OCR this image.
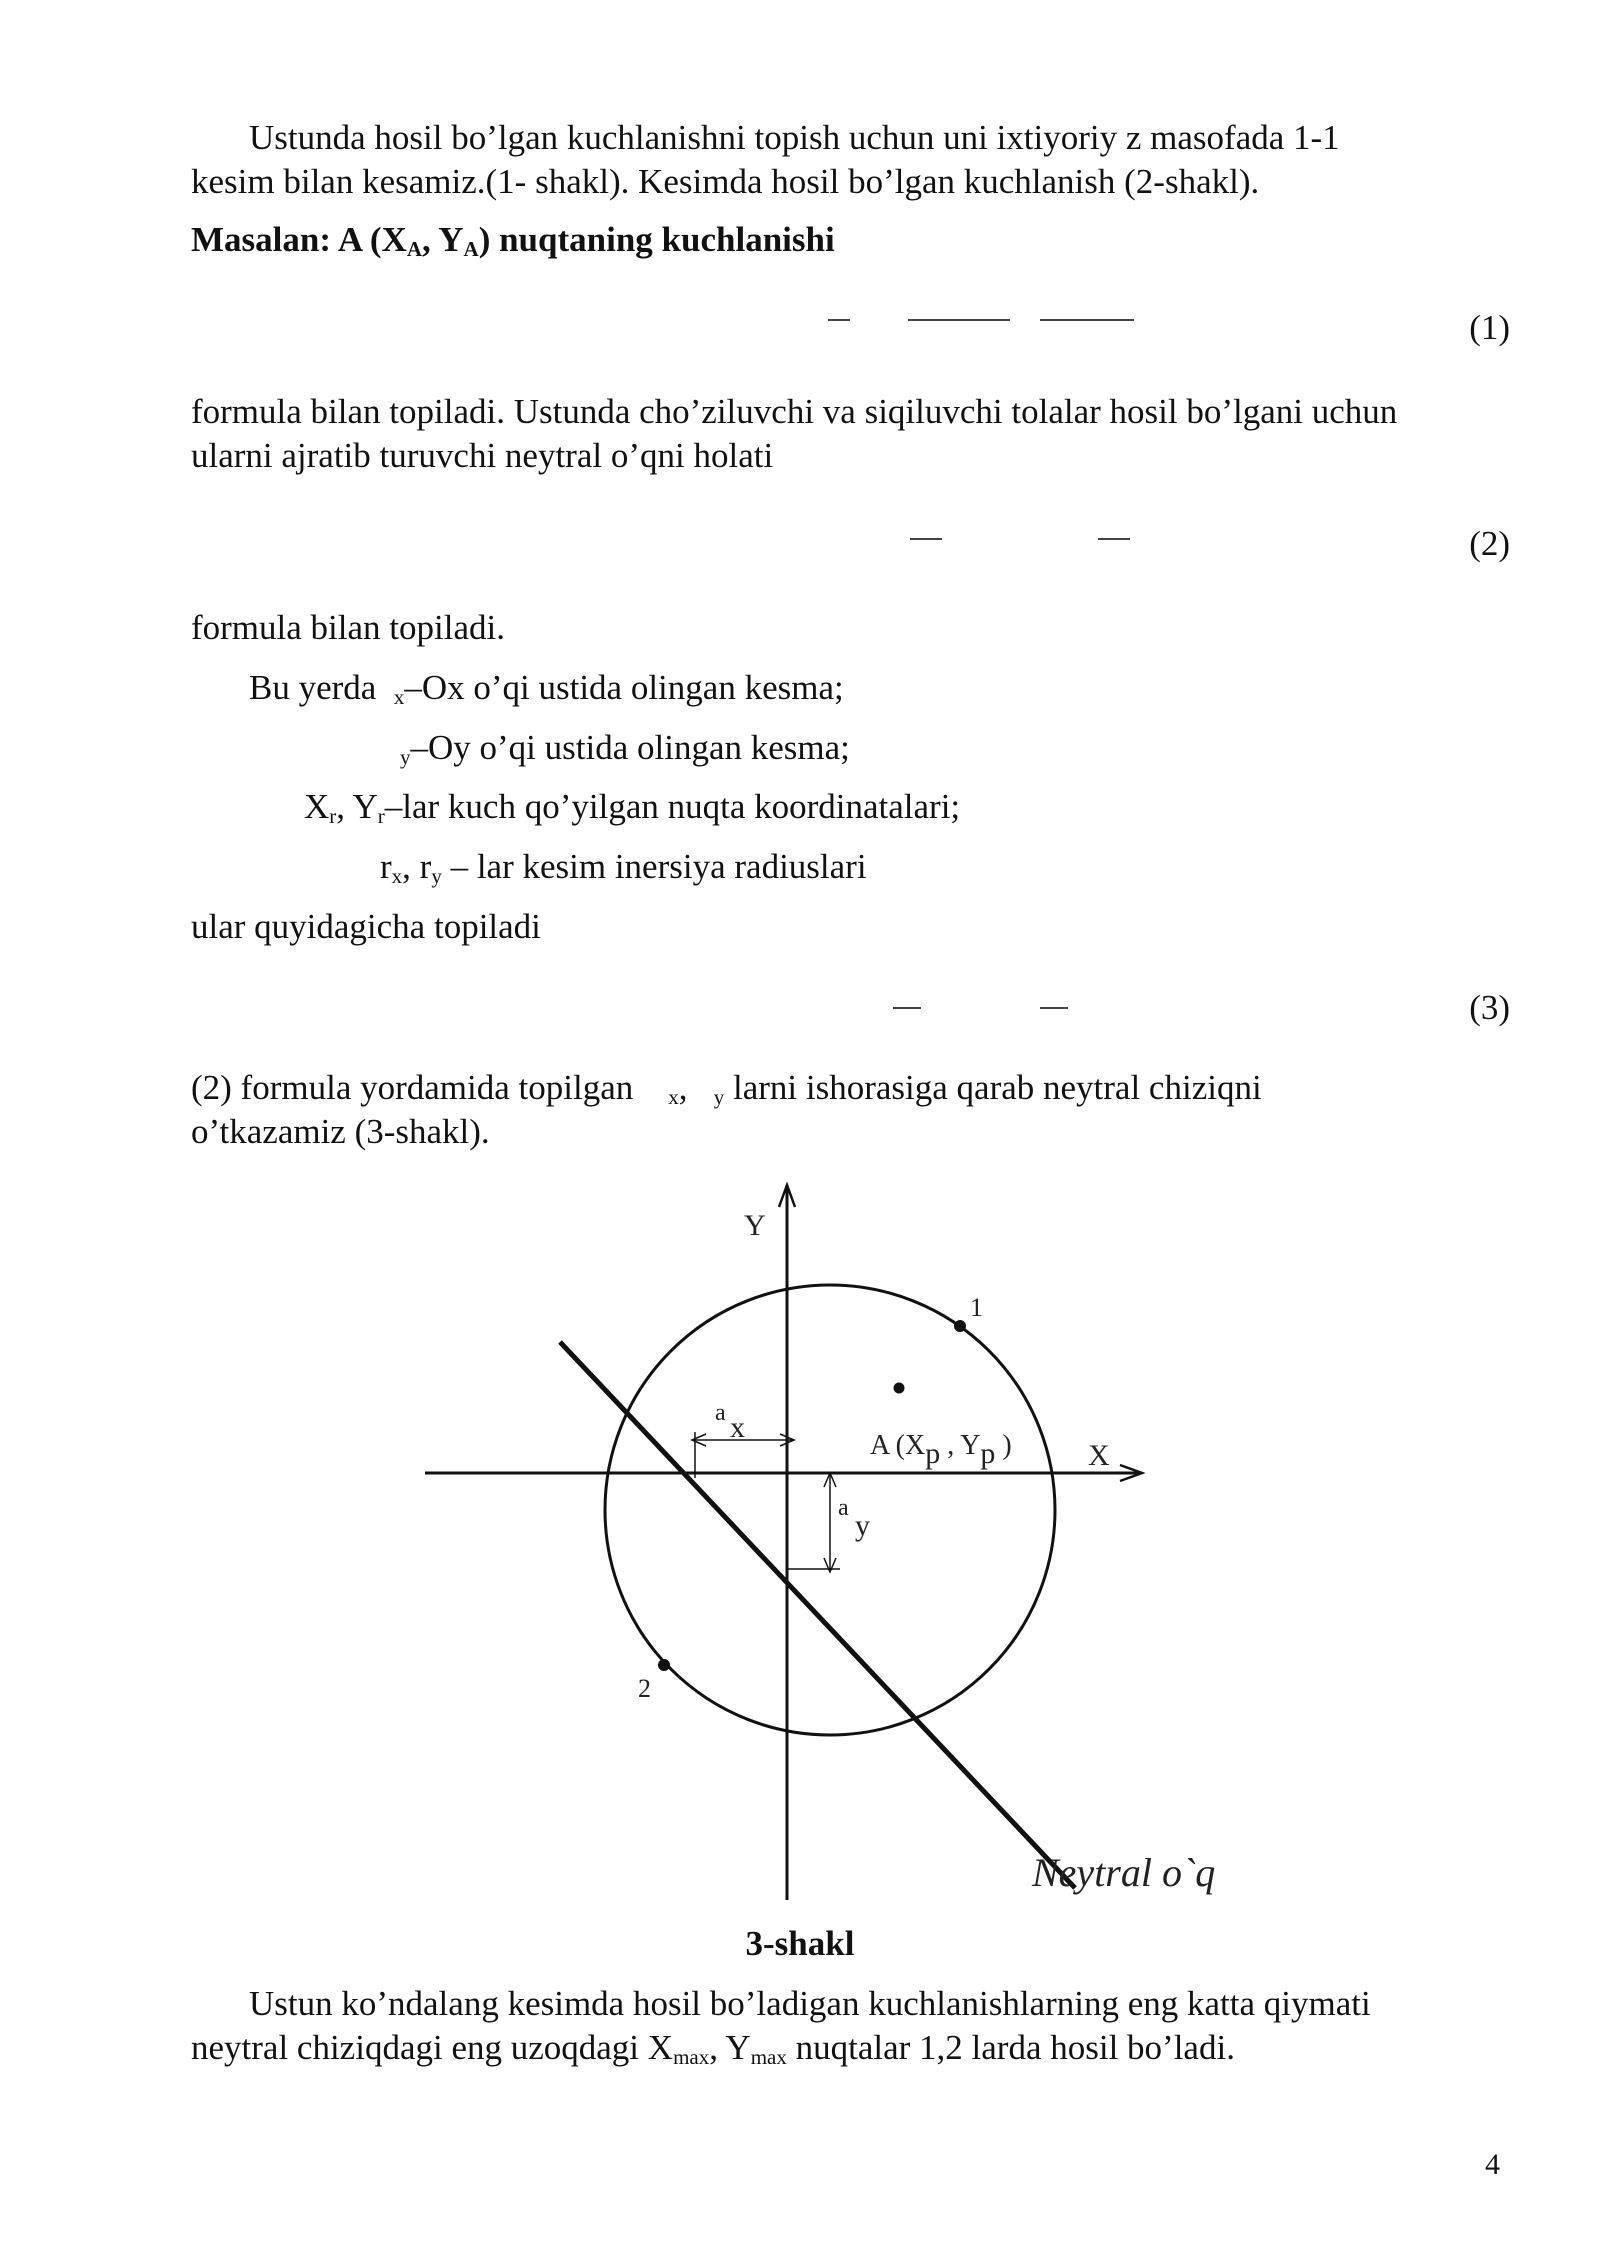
Ustunda hosil bo’lgan kuchlanishni topish uchun uni ixtiyoriy z masofada 1-1
kesim bilan kesamiz.(1- shakl). Kesimda hosil bo’lgan kuchlanish (2-shakl).
Masalan: A ($X_A$, $Y_A$) nuqtaning kuchlanishi
(1)
formula bilan topiladi. Ustunda cho’ziluvchi va siqiluvchi tolalar hosil bo’lgani uchun
ularni ajratib turuvchi neytral o’qni holati
(2)
formula bilan topiladi.
Bu yerda  $_x$–Ox o’qi ustida olingan kesma;
$_y$–Oy o’qi ustida olingan kesma;
$X_r$, $Y_r$–lar kuch qo’yilgan nuqta koordinatalari;
$r_x$, $r_y$ – lar kesim inersiya radiuslari
ular quyidagicha topiladi
(3)
(2) formula yordamida topilgan    $_x$, $_y$ larni ishorasiga qarab neytral chiziqni
o’tkazamiz (3-shakl).
Y
X
1
2
a x
a
y
A (Xp , Yp )
Neytral o`q
3-shakl
Ustun ko’ndalang kesimda hosil bo’ladigan kuchlanishlarning eng katta qiymati
neytral chiziqdagi eng uzoqdagi $X_{max}$, $Y_{max}$ nuqtalar 1,2 larda hosil bo’ladi.
4
